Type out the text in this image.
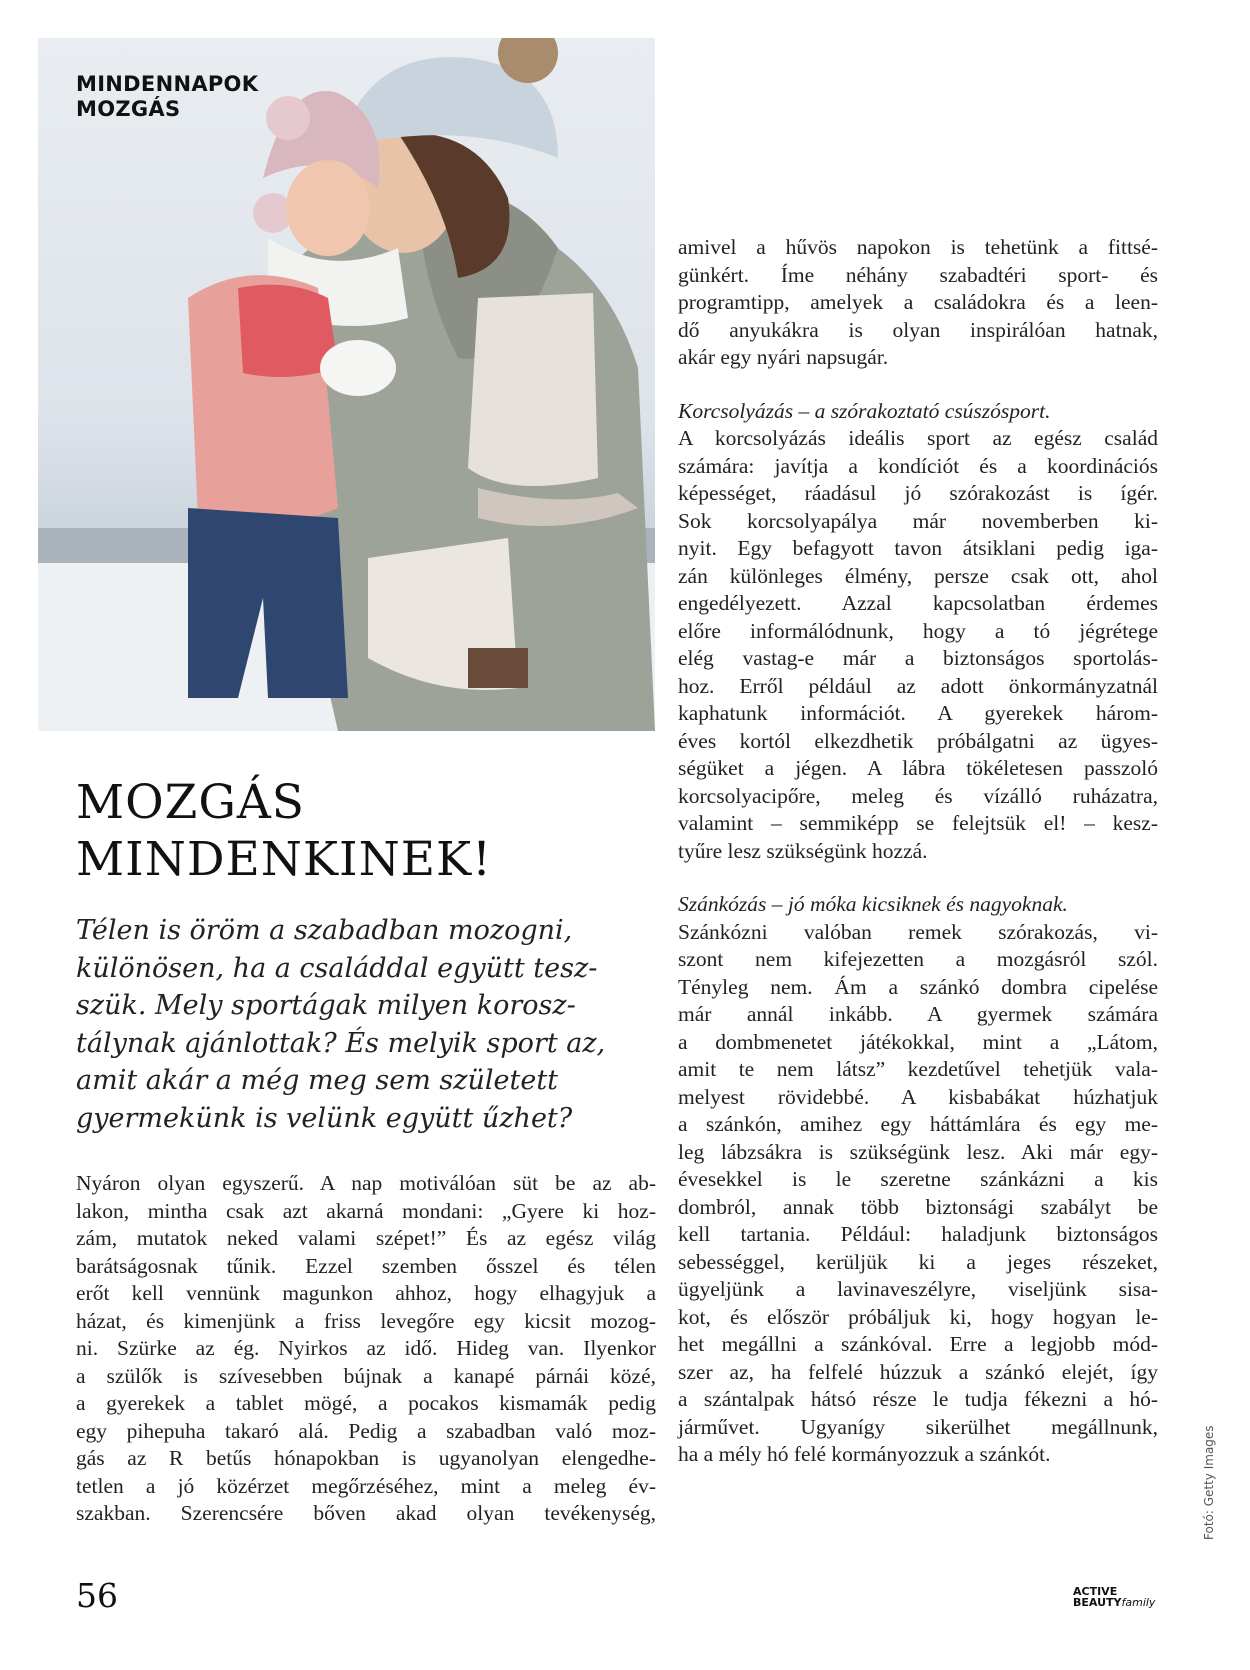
MINDENNAPOK
MOZGÁS
MOZGÁS
MINDENKINEK!
Télen is öröm a szabadban mozogni,
különösen, ha a családdal együtt tesz-
szük. Mely sportágak milyen korosz-
tálynak ajánlottak? És melyik sport az,
amit akár a még meg sem született
gyermekünk is velünk együtt űzhet?
Nyáron olyan egyszerű. A nap motiválóan süt be az ab-
lakon, mintha csak azt akarná mondani: „Gyere ki hoz-
zám, mutatok neked valami szépet!” És az egész világ
barátságosnak tűnik. Ezzel szemben ősszel és télen
erőt kell vennünk magunkon ahhoz, hogy elhagyjuk a
házat, és kimenjünk a friss levegőre egy kicsit mozog-
ni. Szürke az ég. Nyirkos az idő. Hideg van. Ilyenkor
a szülők is szívesebben bújnak a kanapé párnái közé,
a gyerekek a tablet mögé, a pocakos kismamák pedig
egy pihepuha takaró alá. Pedig a szabadban való moz-
gás az R betűs hónapokban is ugyanolyan elengedhe-
tetlen a jó közérzet megőrzéséhez, mint a meleg év-
szakban. Szerencsére bőven akad olyan tevékenység,
amivel a hűvös napokon is tehetünk a fittsé-
günkért. Íme néhány szabadtéri sport- és
programtipp, amelyek a családokra és a leen-
dő anyukákra is olyan inspirálóan hatnak,
akár egy nyári napsugár.
Korcsolyázás – a szórakoztató csúszósport.
A korcsolyázás ideális sport az egész család
számára: javítja a kondíciót és a koordinációs
képességet, ráadásul jó szórakozást is ígér.
Sok korcsolyapálya már novemberben ki-
nyit. Egy befagyott tavon átsiklani pedig iga-
zán különleges élmény, persze csak ott, ahol
engedélyezett. Azzal kapcsolatban érdemes
előre informálódnunk, hogy a tó jégrétege
elég vastag-e már a biztonságos sportolás-
hoz. Erről például az adott önkormányzatnál
kaphatunk információt. A gyerekek három-
éves kortól elkezdhetik próbálgatni az ügyes-
ségüket a jégen. A lábra tökéletesen passzoló
korcsolyacipőre, meleg és vízálló ruházatra,
valamint – semmiképp se felejtsük el! – kesz-
tyűre lesz szükségünk hozzá.
Szánkózás – jó móka kicsiknek és nagyoknak.
Szánkózni valóban remek szórakozás, vi-
szont nem kifejezetten a mozgásról szól.
Tényleg nem. Ám a szánkó dombra cipelése
már annál inkább. A gyermek számára
a dombmenetet játékokkal, mint a „Látom,
amit te nem látsz” kezdetűvel tehetjük vala-
melyest rövidebbé. A kisbabákat húzhatjuk
a szánkón, amihez egy háttámlára és egy me-
leg lábzsákra is szükségünk lesz. Aki már egy-
évesekkel is le szeretne szánkázni a kis
dombról, annak több biztonsági szabályt be
kell tartania. Például: haladjunk biztonságos
sebességgel, kerüljük ki a jeges részeket,
ügyeljünk a lavinaveszélyre, viseljünk sisa-
kot, és először próbáljuk ki, hogy hogyan le-
het megállni a szánkóval. Erre a legjobb mód-
szer az, ha felfelé húzzuk a szánkó elejét, így
a szántalpak hátsó része le tudja fékezni a hó-
járművet. Ugyanígy sikerülhet megállnunk,
ha a mély hó felé kormányozzuk a szánkót.
56	ACTIVE
BEAUTYfamily
Fotó: Getty Images
